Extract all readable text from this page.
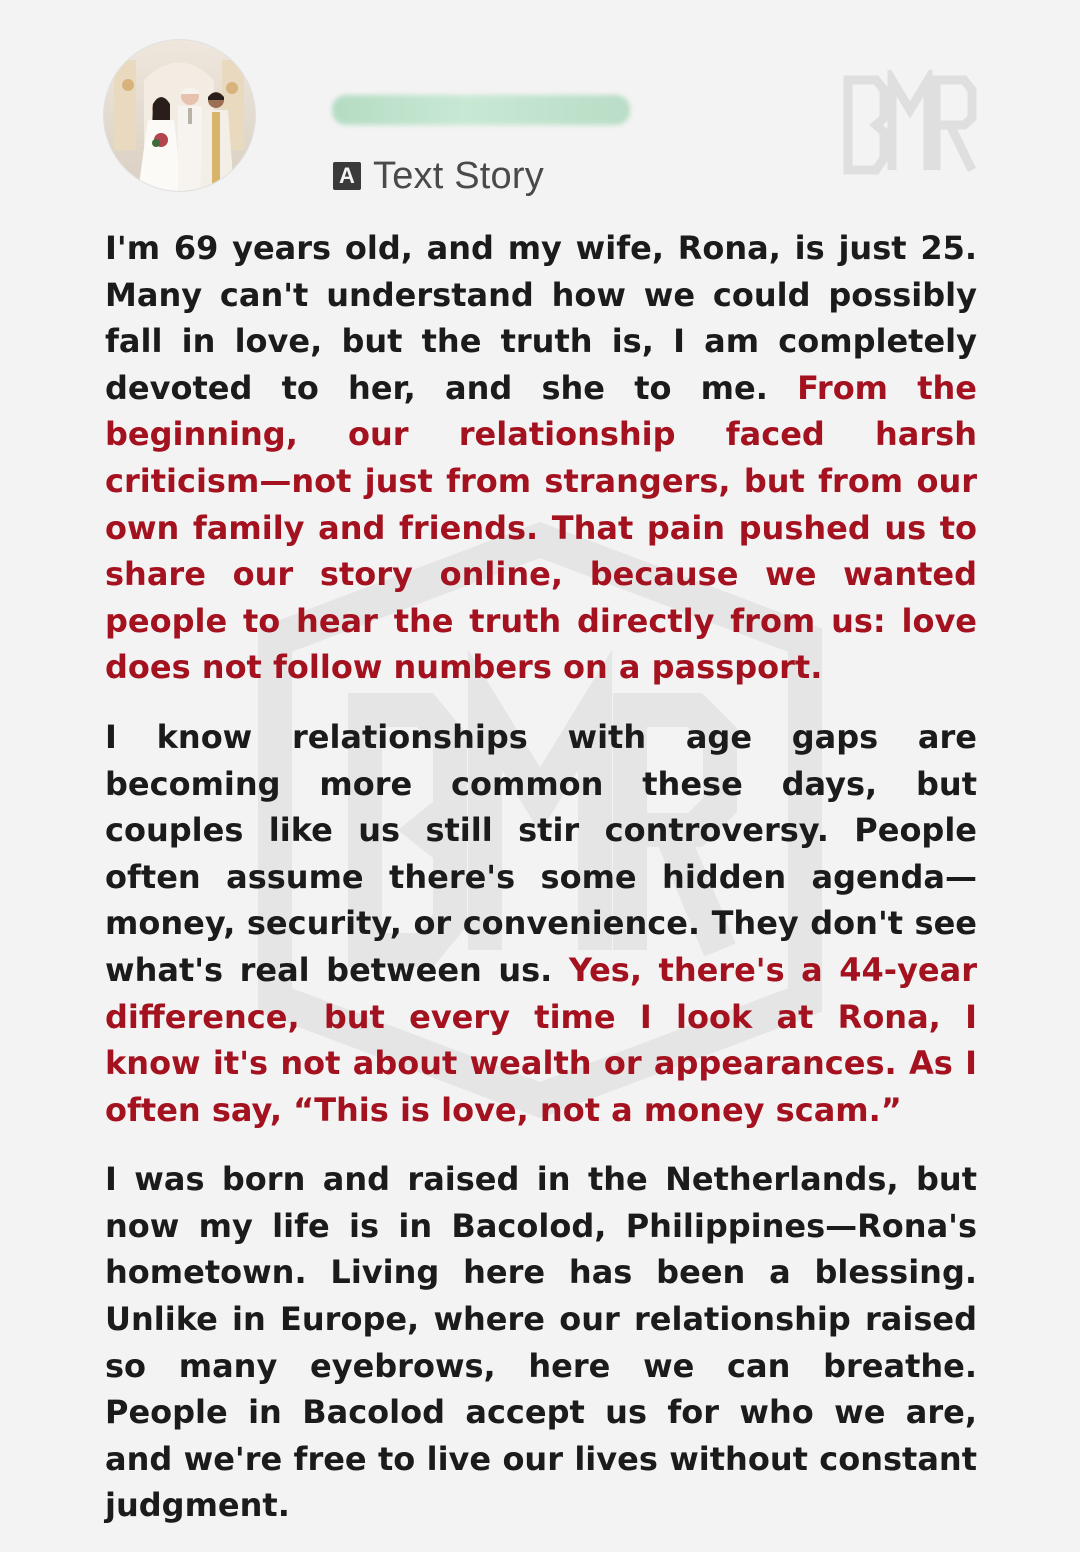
A Text Story

I'm 69 years old, and my wife, Rona, is just 25. Many can't understand how we could possibly fall in love, but the truth is, I am completely devoted to her, and she to me. From the beginning, our relationship faced harsh criticism—not just from strangers, but from our own family and friends. That pain pushed us to share our story online, because we wanted people to hear the truth directly from us: love does not follow numbers on a passport.

I know relationships with age gaps are becoming more common these days, but couples like us still stir controversy. People often assume there's some hidden agenda—money, security, or convenience. They don't see what's real between us. Yes, there's a 44-year difference, but every time I look at Rona, I know it's not about wealth or appearances. As I often say, “This is love, not a money scam.”

I was born and raised in the Netherlands, but now my life is in Bacolod, Philippines—Rona's hometown. Living here has been a blessing. Unlike in Europe, where our relationship raised so many eyebrows, here we can breathe. People in Bacolod accept us for who we are, and we're free to live our lives without constant judgment.
